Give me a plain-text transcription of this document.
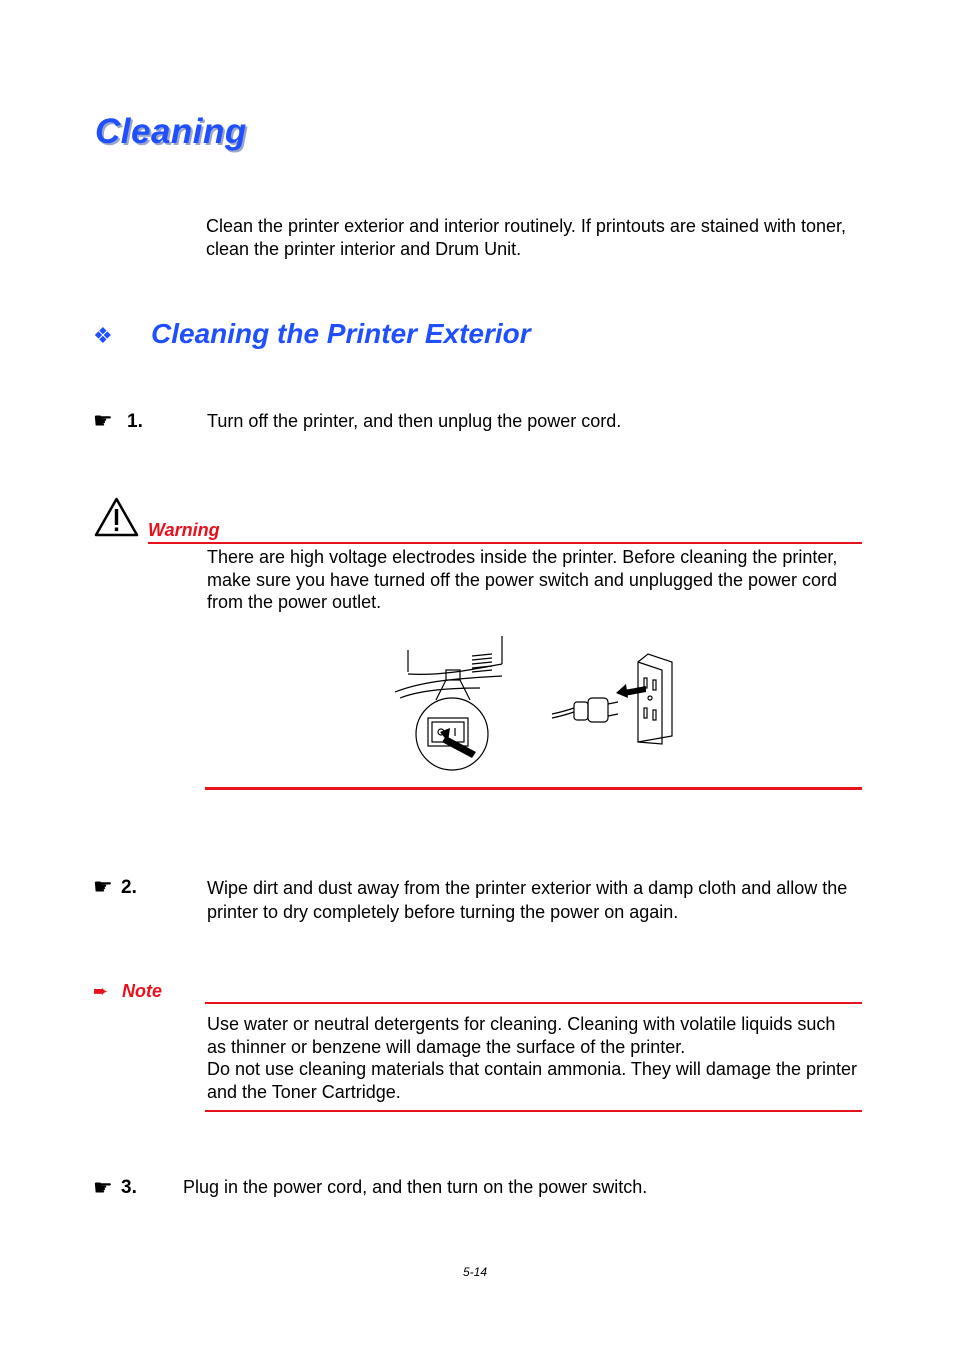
Cleaning
Clean the printer exterior and interior routinely. If printouts are stained with toner, clean the printer interior and Drum Unit.
❖ Cleaning the Printer Exterior
☛ 1.	Turn off the printer, and then unplug the power cord.
Warning
There are high voltage electrodes inside the printer. Before cleaning the printer, make sure you have turned off the power switch and unplugged the power cord from the power outlet.
☛ 2.	Wipe dirt and dust away from the printer exterior with a damp cloth and allow the printer to dry completely before turning the power on again.
➨ Note
Use water or neutral detergents for cleaning. Cleaning with volatile liquids such as thinner or benzene will damage the surface of the printer.
Do not use cleaning materials that contain ammonia. They will damage the printer and the Toner Cartridge.
☛ 3.	Plug in the power cord, and then turn on the power switch.
5-14
